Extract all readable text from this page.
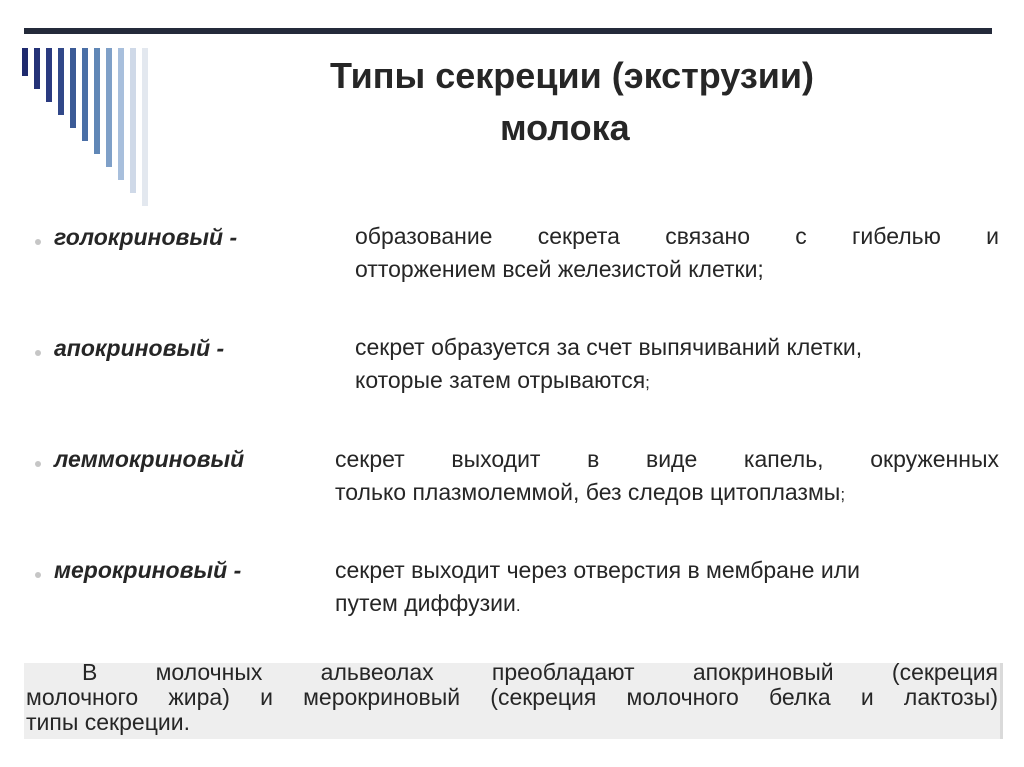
Типы секреции (экструзии)
молока
голокриновый -	образование секрета связано с гибелью и
отторжением всей железистой клетки;
апокриновый -	секрет образуется за счет выпячиваний клетки,
которые затем отрываются;
леммокриновый	секрет выходит в виде капель, окруженных
только плазмолеммой, без следов цитоплазмы;
мерокриновый -	секрет выходит через отверстия в мембране или
путем диффузии.
В молочных альвеолах преобладают апокриновый (секреция
молочного жира) и мерокриновый (секреция молочного белка и лактозы)
типы секреции.
